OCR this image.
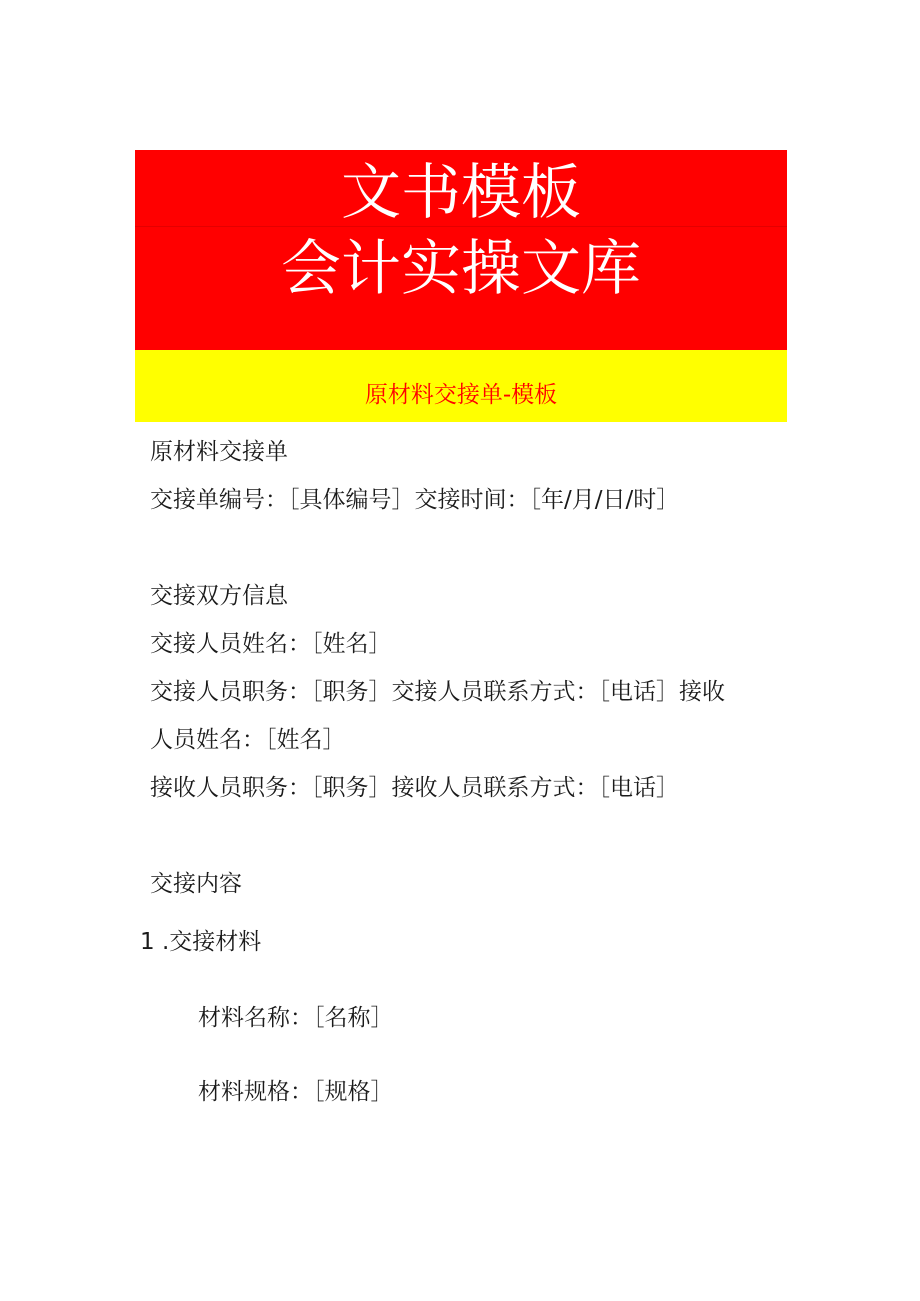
文书模板
会计实操文库
原材料交接单-模板
原材料交接单
交接单编号：［具体编号］交接时间：［年/月/日/时］
交接双方信息
交接人员姓名：［姓名］
交接人员职务：［职务］交接人员联系方式：［电话］接收
人员姓名：［姓名］
接收人员职务：［职务］接收人员联系方式：［电话］
交接内容
1 .交接材料
材料名称：［名称］
材料规格：［规格］
